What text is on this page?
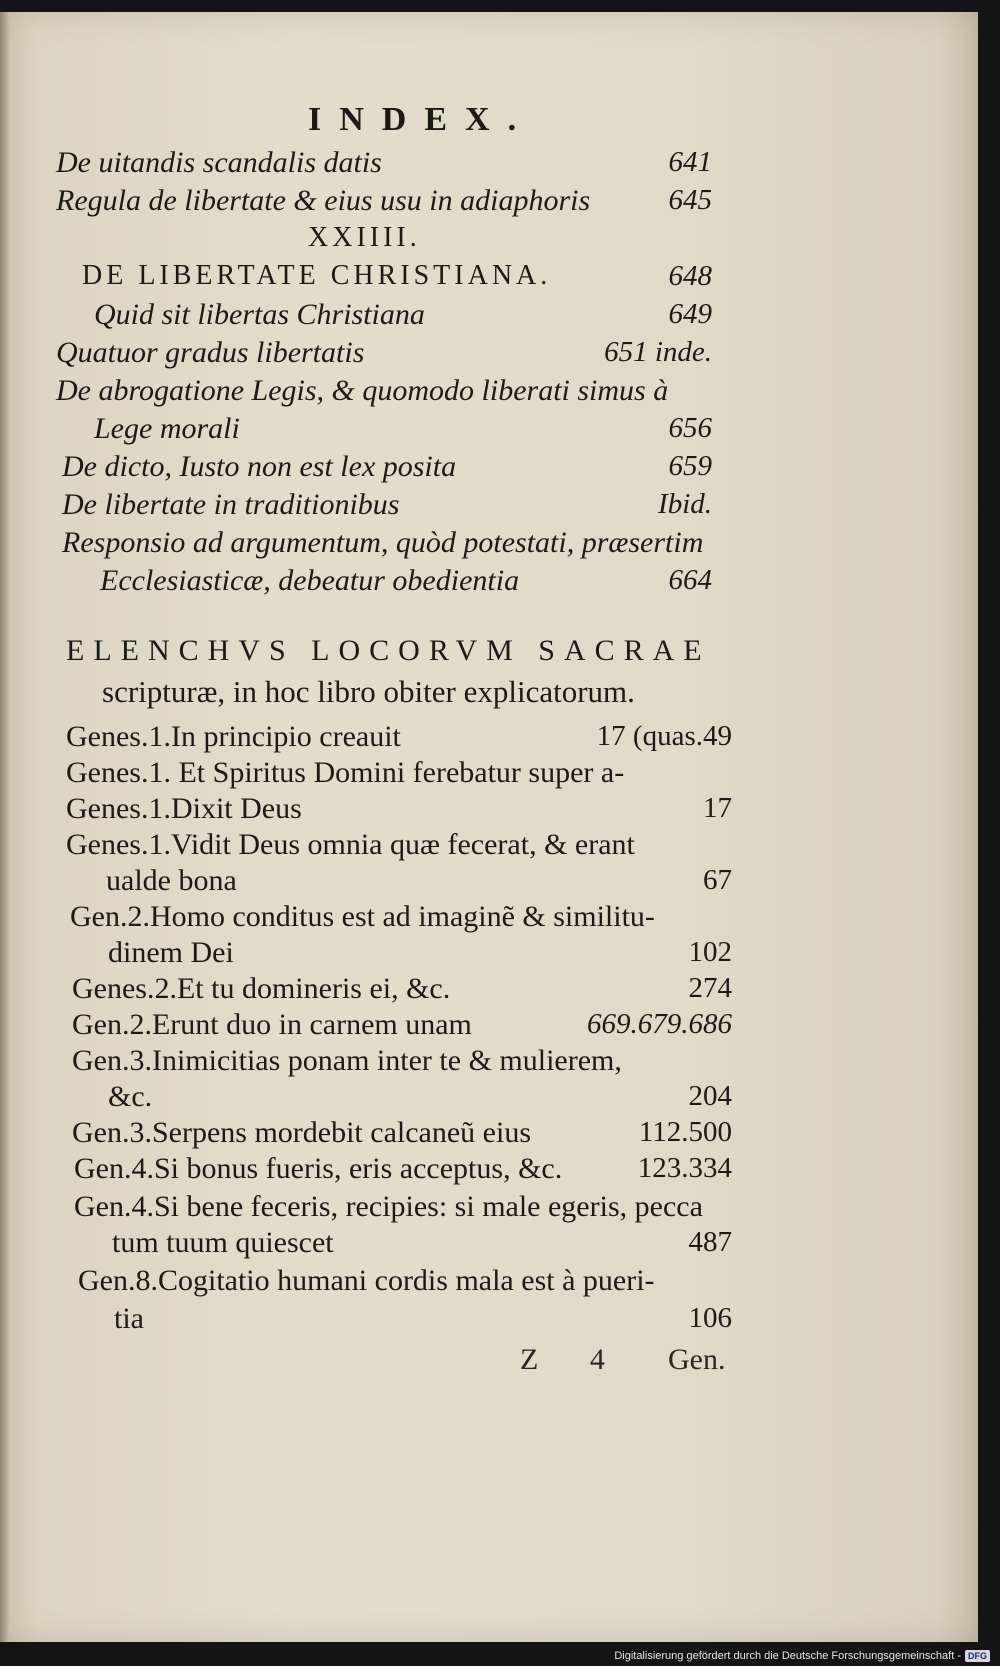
INDEX.
De uitandis scandalis datis	641
Regula de libertate & eius usu in adiaphoris	645
XXIIII.
DE LIBERTATE CHRISTIANA.	648
Quid sit libertas Christiana	649
Quatuor gradus libertatis	651 inde.
De abrogatione Legis, & quomodo liberati simus à
Lege morali	656
De dicto, Iusto non est lex posita	659
De libertate in traditionibus	Ibid.
Responsio ad argumentum, quòd potestati, præsertim
Ecclesiasticæ, debeatur obedientia	664
ELENCHVS LOCORVM SACRAE
scripturæ, in hoc libro obiter explicatorum.
Genes.1.In principio creauit	17 (quas.49
Genes.1. Et Spiritus Domini ferebatur super a-
Genes.1.Dixit Deus	17
Genes.1.Vidit Deus omnia quæ fecerat, & erant
ualde bona	67
Gen.2.Homo conditus est ad imaginẽ & similitu-
dinem Dei	102
Genes.2.Et tu domineris ei, &c.	274
Gen.2.Erunt duo in carnem unam	669.679.686
Gen.3.Inimicitias ponam inter te & mulierem,
&c.	204
Gen.3.Serpens mordebit calcaneũ eius	112.500
Gen.4.Si bonus fueris, eris acceptus, &c.	123.334
Gen.4.Si bene feceris, recipies: si male egeris, pecca
tum tuum quiescet	487
Gen.8.Cogitatio humani cordis mala est à pueri-
tia	106
Z 4 Gen.
Digitalisierung gefördert durch die Deutsche Forschungsgemeinschaft - DFG
